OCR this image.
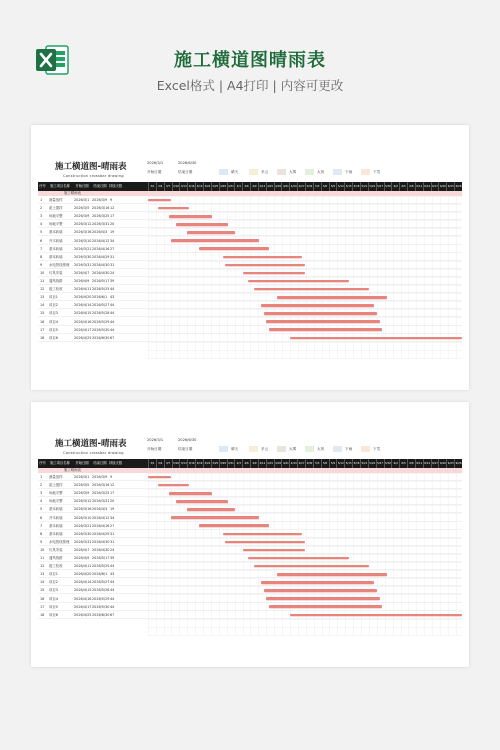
施工横道图晴雨表
Excel格式 | A4打印 | 内容可更改
施工横道图-晴雨表
Construction crossbar drawing
2026/3/1	2026/6/30
开始日期	结束日期	晴天	多云	大雾	大风	下雨	下雪
序号	施工项目名称	开始日期	结束日期 持续天数	3/1	3/4	3/7	3/10 3/13 3/16 3/19 3/22 3/25 3/28 3/31	4/3	4/6	4/9	4/12 4/15 4/18 4/21 4/24 4/27 4/30	5/3	5/6	5/9	5/12 5/15 5/18 5/21 5/24 5/27 5/30	6/2	6/5	6/8	6/11 6/14 6/17 6/20 6/23 6/26
施工晴雨表
1 测量放样	2026/3/1 2026/3/9 9
2 泥土搅拌	2026/3/5 2026/3/16 12
3 场地平整	2026/3/9 2026/3/25 17
4 场地平整	2026/3/12 2026/3/31 20
5 基本砖墙	2026/3/16 2026/4/3 19
6 开木砖墙	2026/3/10 2026/4/12 34
7 基本砖墙	2026/3/21 2026/4/16 27
8 基本砖墙	2026/3/30 2026/4/29 31
9 水电管线预埋 2026/3/31 2026/4/30 31
10 灯具安装	2026/4/7 2026/4/30 24
11 通风线路	2026/4/9 2026/5/17 39
12 竣工验收	2026/4/11 2026/5/25 44
13 项目1	2026/4/20 2026/6/1 43
14 项目2	2026/4/14 2026/5/27 44
15 项目3	2026/4/15 2026/5/28 44
16 项目4	2026/4/16 2026/5/29 44
17 项目5	2026/4/17 2026/5/30 44
18 项目6	2026/4/25 2026/6/30 67
施工横道图-晴雨表
Construction crossbar drawing
2026/3/1	2026/6/30
开始日期	结束日期	晴天	多云	大雾	大风	下雨	下雪
序号	施工项目名称	开始日期	结束日期 持续天数	3/1	3/4	3/7	3/10 3/13 3/16 3/19 3/22 3/25 3/28 3/31	4/3	4/6	4/9	4/12 4/15 4/18 4/21 4/24 4/27 4/30	5/3	5/6	5/9	5/12 5/15 5/18 5/21 5/24 5/27 5/30	6/2	6/5	6/8	6/11 6/14 6/17 6/20 6/23 6/26
施工晴雨表
1 测量放样	2026/3/1 2026/3/9 9
2 泥土搅拌	2026/3/5 2026/3/16 12
3 场地平整	2026/3/9 2026/3/25 17
4 场地平整	2026/3/12 2026/3/31 20
5 基本砖墙	2026/3/16 2026/4/3 19
6 开木砖墙	2026/3/10 2026/4/12 34
7 基本砖墙	2026/3/21 2026/4/16 27
8 基本砖墙	2026/3/30 2026/4/29 31
9 水电管线预埋 2026/3/31 2026/4/30 31
10 灯具安装	2026/4/7 2026/4/30 24
11 通风线路	2026/4/9 2026/5/17 39
12 竣工验收	2026/4/11 2026/5/25 44
13 项目1	2026/4/20 2026/6/1 43
14 项目2	2026/4/14 2026/5/27 44
15 项目3	2026/4/15 2026/5/28 44
16 项目4	2026/4/16 2026/5/29 44
17 项目5	2026/4/17 2026/5/30 44
18 项目6	2026/4/25 2026/6/30 67
